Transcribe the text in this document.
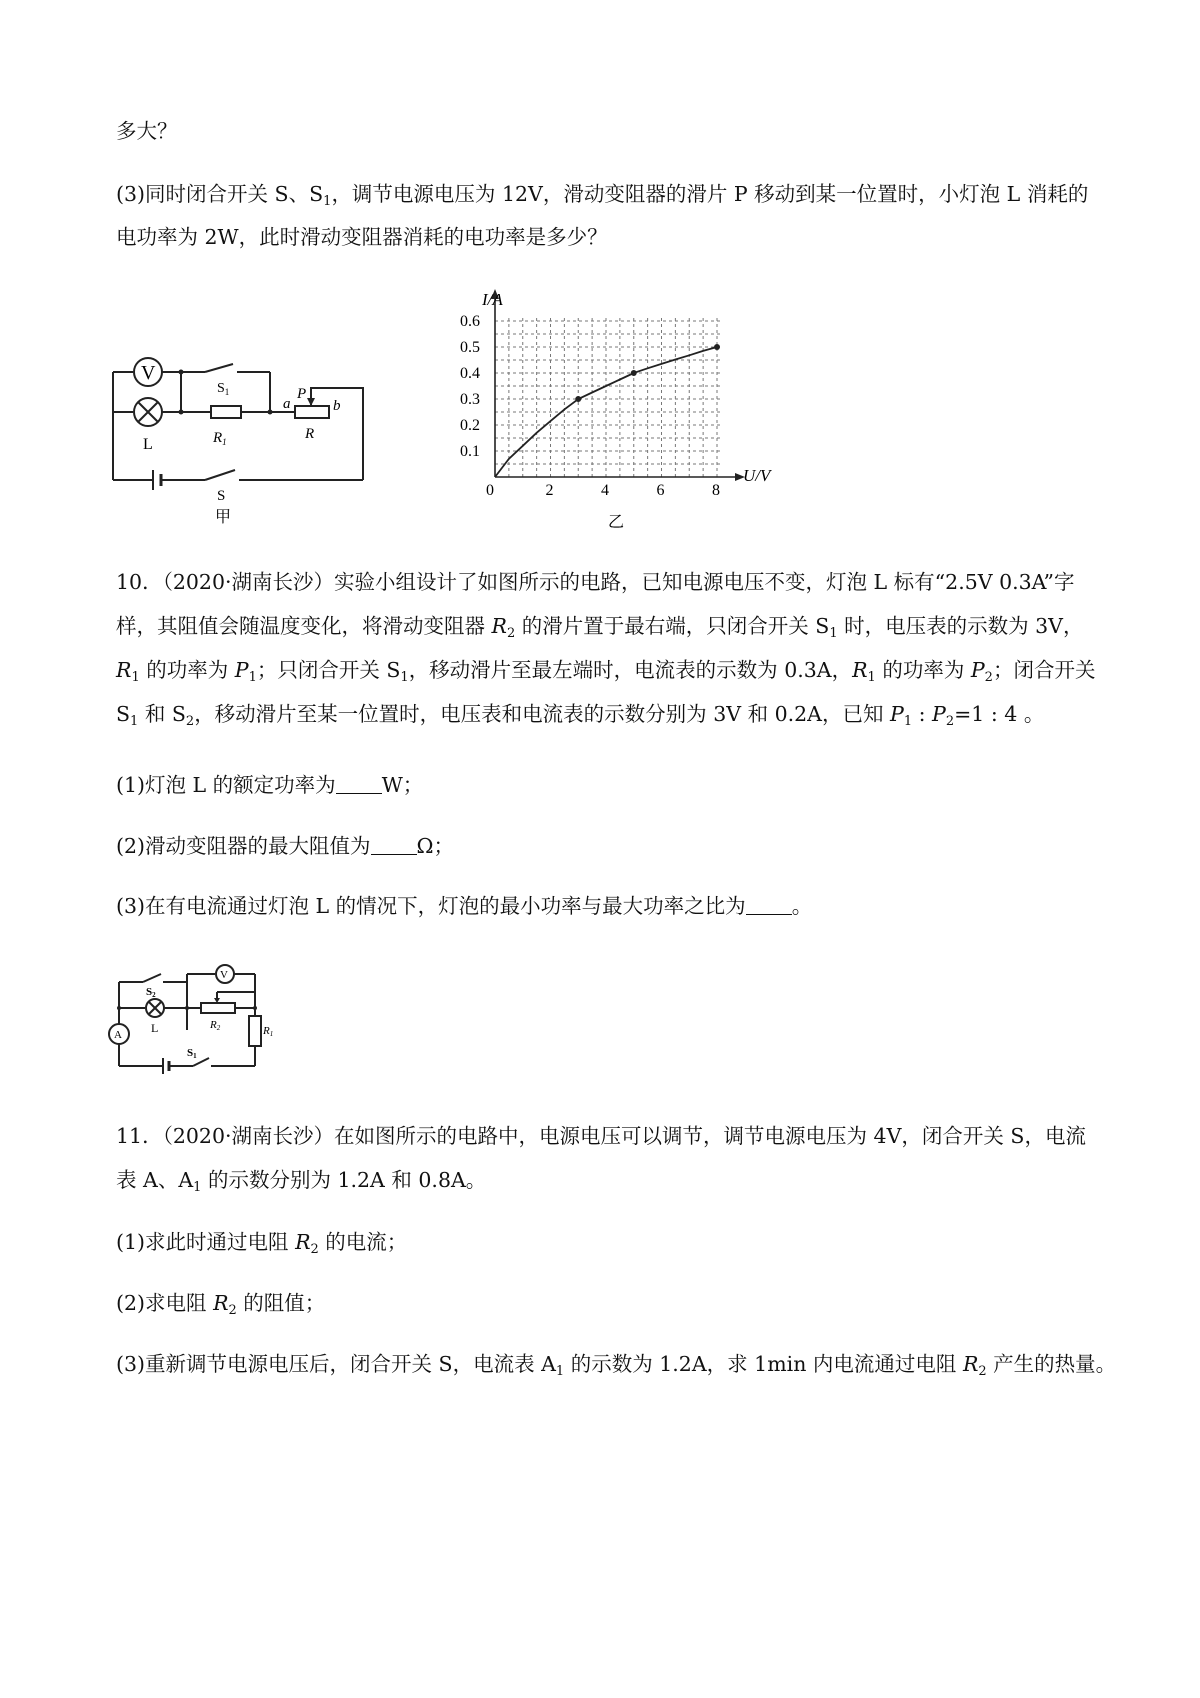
多大？
(3)同时闭合开关 S、$S_1$，调节电源电压为 12V，滑动变阻器的滑片 P 移动到某一位置时，小灯泡 L 消耗的
电功率为 2W，此时滑动变阻器消耗的电功率是多少？
V
$S_1$
L	$R_1$
a
P
b
R
S
甲
2	4	6	8
0.1
0.2
0.3
0.4
0.5
0.6
I/A
U/V
0
乙
10．（2020·湖南长沙）实验小组设计了如图所示的电路，已知电源电压不变，灯泡 L 标有“2.5V 0.3A”字
样，其阻值会随温度变化，将滑动变阻器 $R_2$ 的滑片置于最右端，只闭合开关 $S_1$ 时，电压表的示数为 3V，
$R_1$ 的功率为 $P_1$；只闭合开关 $S_1$，移动滑片至最左端时，电流表的示数为 0.3A，$R_1$ 的功率为 $P_2$；闭合开关
$S_1$ 和 $S_2$，移动滑片至某一位置时，电压表和电流表的示数分别为 3V 和 0.2A，已知 $P_1$ : $P_2=1$ : 4 。
(1)灯泡 L 的额定功率为 W；
(2)滑动变阻器的最大阻值为 Ω；
(3)在有电流通过灯泡 L 的情况下，灯泡的最小功率与最大功率之比为 。
S2
V
L	R2	R1
A
S1
11．（2020·湖南长沙）在如图所示的电路中，电源电压可以调节，调节电源电压为 4V，闭合开关 S，电流
表 A、$A_1$ 的示数分别为 1.2A 和 0.8A。
(1)求此时通过电阻 $R_2$ 的电流；
(2)求电阻 $R_2$ 的阻值；
(3)重新调节电源电压后，闭合开关 S，电流表 $A_1$ 的示数为 1.2A，求 1min 内电流通过电阻 $R_2$ 产生的热量。
